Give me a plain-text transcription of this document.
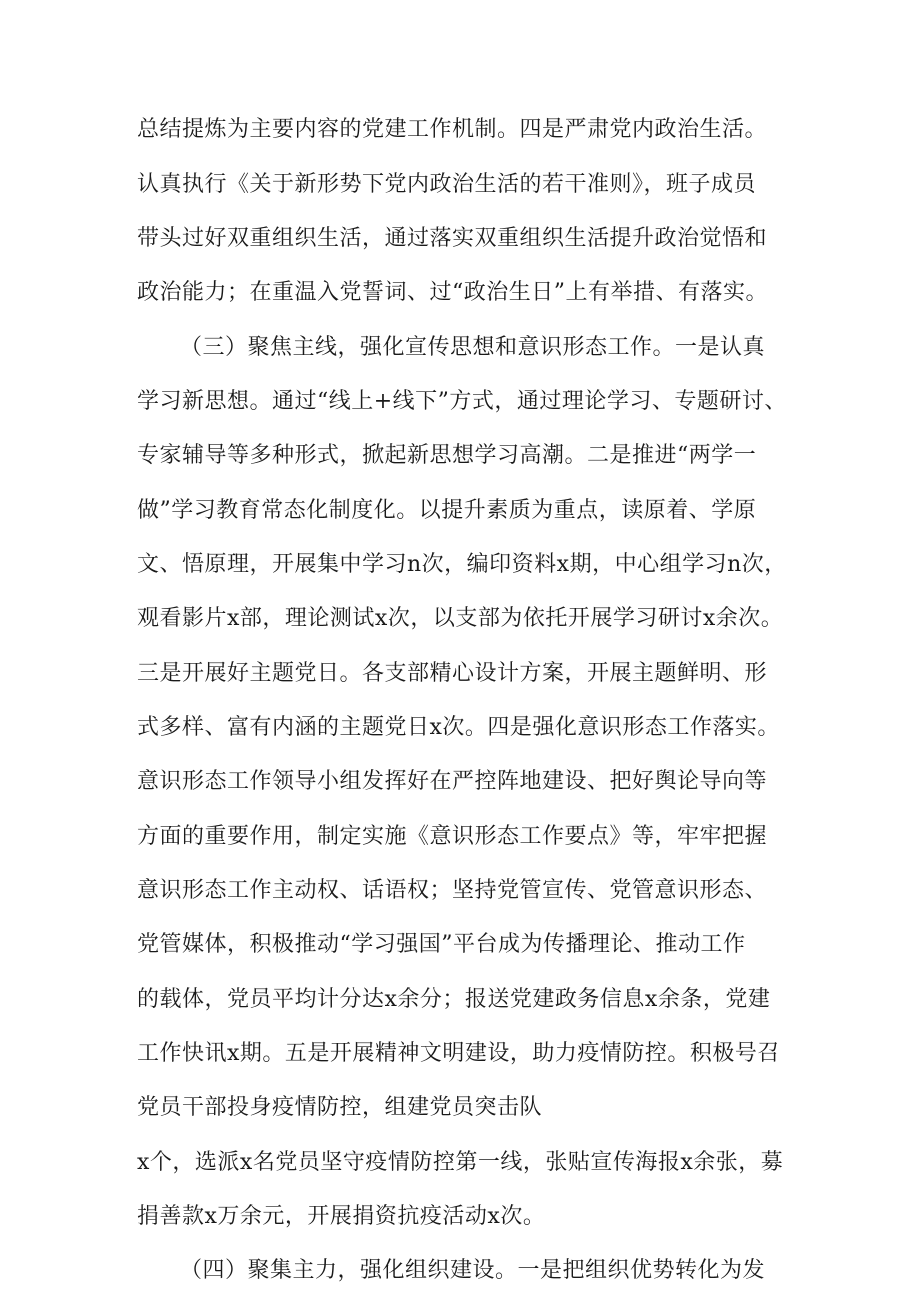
总结提炼为主要内容的党建工作机制。四是严肃党内政治生活。
认真执行《关于新形势下党内政治生活的若干准则》，班子成员
带头过好双重组织生活，通过落实双重组织生活提升政治觉悟和
政治能力；在重温入党誓词、过“政治生日”上有举措、有落实。
（三）聚焦主线，强化宣传思想和意识形态工作。一是认真
学习新思想。通过“线上+线下”方式，通过理论学习、专题研讨、
专家辅导等多种形式，掀起新思想学习高潮。二是推进“两学一
做”学习教育常态化制度化。以提升素质为重点，读原着、学原
文、悟原理，开展集中学习n次，编印资料x期，中心组学习n次，
观看影片x部，理论测试x次，以支部为依托开展学习研讨x余次。
三是开展好主题党日。各支部精心设计方案，开展主题鲜明、形
式多样、富有内涵的主题党日x次。四是强化意识形态工作落实。
意识形态工作领导小组发挥好在严控阵地建设、把好舆论导向等
方面的重要作用，制定实施《意识形态工作要点》等，牢牢把握
意识形态工作主动权、话语权；坚持党管宣传、党管意识形态、
党管媒体，积极推动“学习强国”平台成为传播理论、推动工作
的载体，党员平均计分达x余分；报送党建政务信息x余条，党建
工作快讯x期。五是开展精神文明建设，助力疫情防控。积极号召
党员干部投身疫情防控，组建党员突击队
x个，选派x名党员坚守疫情防控第一线，张贴宣传海报x余张，募
捐善款x万余元，开展捐资抗疫活动x次。
（四）聚集主力，强化组织建设。一是把组织优势转化为发
